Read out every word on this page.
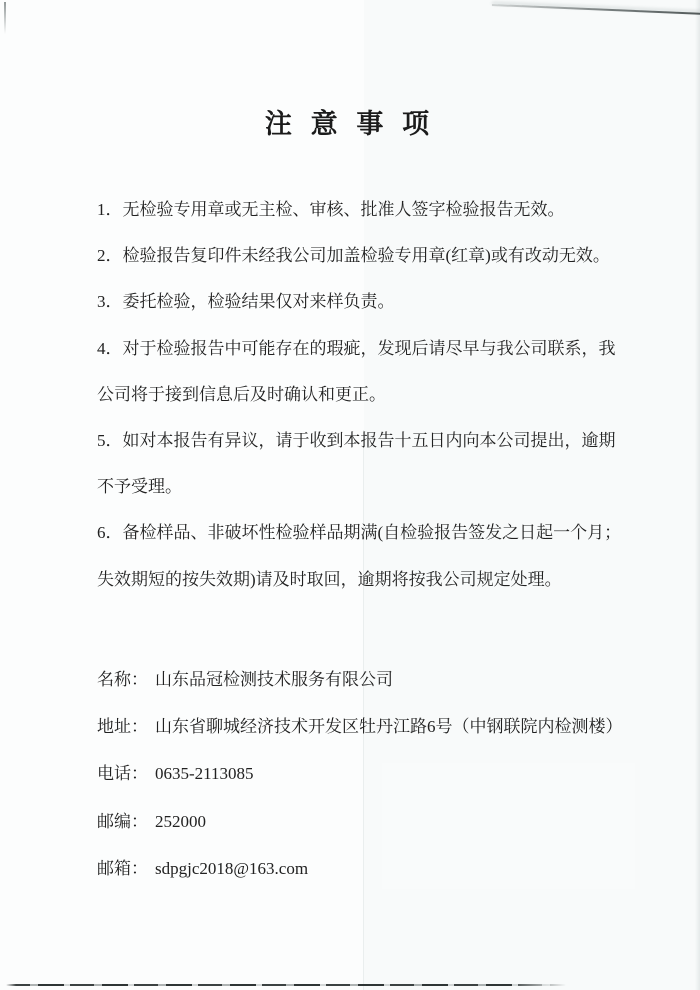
注 意 事 项
1．无检验专用章或无主检、审核、批准人签字检验报告无效。
2．检验报告复印件未经我公司加盖检验专用章(红章)或有改动无效。
3．委托检验，检验结果仅对来样负责。
4．对于检验报告中可能存在的瑕疵，发现后请尽早与我公司联系，我
公司将于接到信息后及时确认和更正。
5．如对本报告有异议，请于收到本报告十五日内向本公司提出，逾期
不予受理。
6．备检样品、非破坏性检验样品期满(自检验报告签发之日起一个月；
失效期短的按失效期)请及时取回，逾期将按我公司规定处理。
名称： 山东品冠检测技术服务有限公司
地址： 山东省聊城经济技术开发区牡丹江路6号（中钢联院内检测楼）
电话： 0635-2113085
邮编： 252000
邮箱： sdpgjc2018@163.com
